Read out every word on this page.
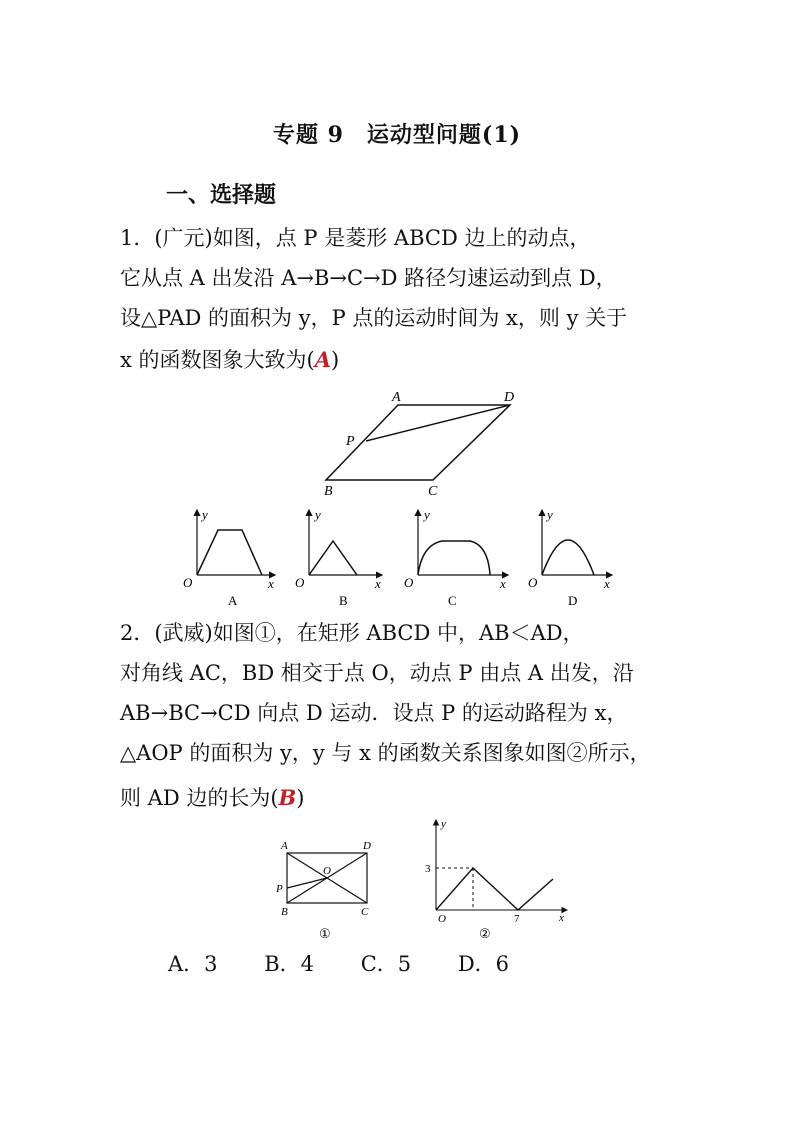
专题 9　运动型问题(1)
一、选择题
1．(广元)如图，点 P 是菱形 ABCD 边上的动点，
它从点 A 出发沿 A→B→C→D 路径匀速运动到点 D，
设△PAD 的面积为 y，P 点的运动时间为 x，则 y 关于
x 的函数图象大致为(A)
A	D
P
B	C
y
x
O
A
y
x
O
B
y
x
O
C
y
x
O
D
2．(武威)如图①，在矩形 ABCD 中，AB＜AD，
对角线 AC，BD 相交于点 O，动点 P 由点 A 出发，沿
AB→BC→CD 向点 D 运动．设点 P 的运动路程为 x，
△AOP 的面积为 y，y 与 x 的函数关系图象如图②所示，
则 AD 边的长为(B)
A	D
O
P
B	C
①
y
x
O
3
7
②
A．3 B．4 C．5 D．6
